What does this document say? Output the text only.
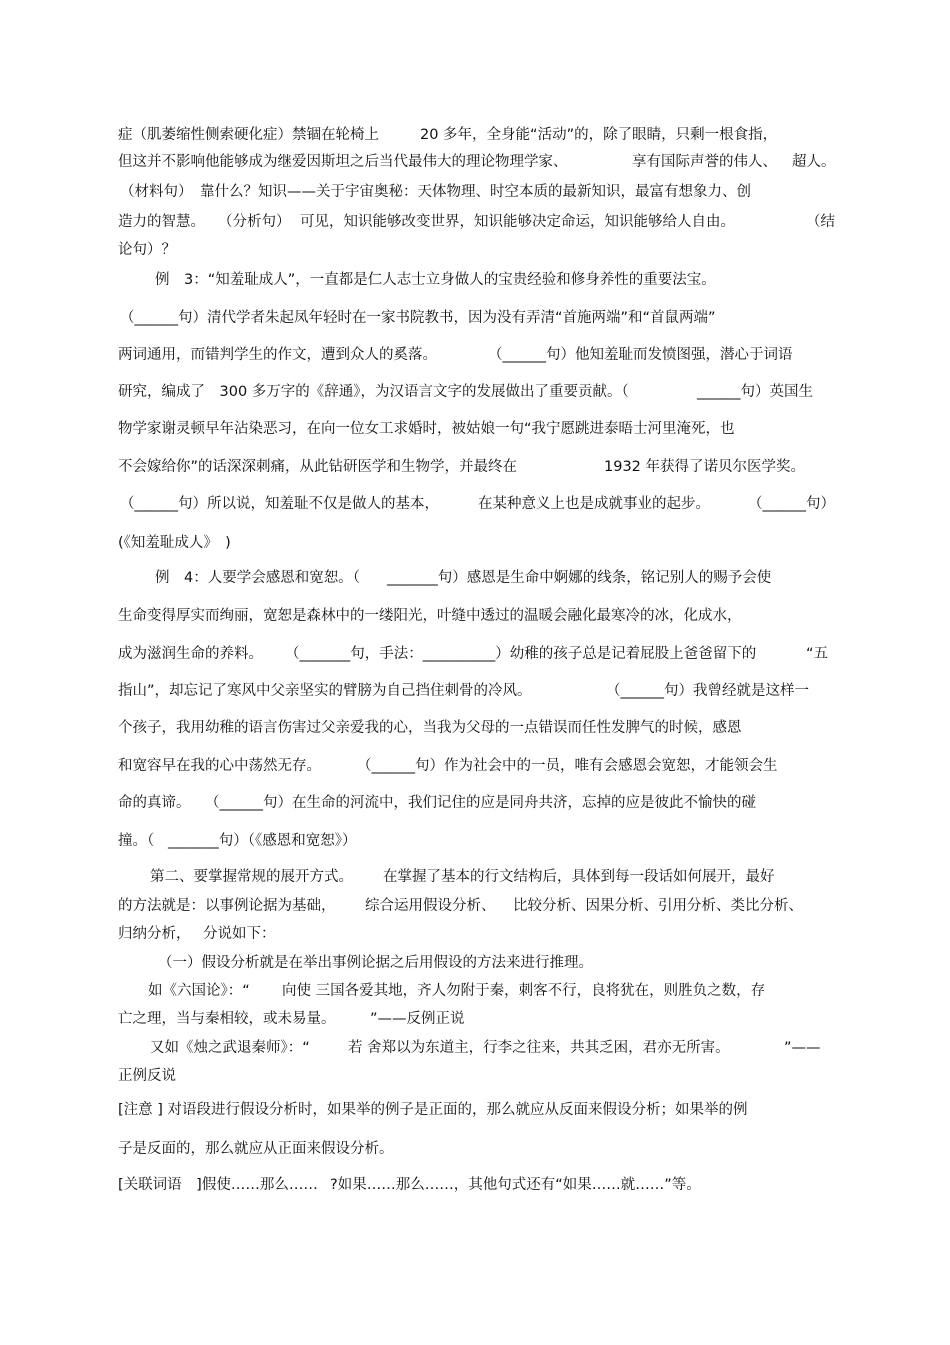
症（肌萎缩性侧索硬化症）禁锢在轮椅上	20 多年，全身能“活动”的，除了眼睛，只剩一根食指，
但这并不影响他能够成为继爱因斯坦之后当代最伟大的理论物理学家、	享有国际声誉的伟人、 超人。
（材料句） 靠什么？知识——关于宇宙奥秘：天体物理、时空本质的最新知识，最富有想象力、创
造力的智慧。 （分析句） 可见，知识能够改变世界，知识能够决定命运，知识能够给人自由。	（结
论句）？
例　3：“知羞耻成人”，一直都是仁人志士立身做人的宝贵经验和修身养性的重要法宝。
（______句）清代学者朱起凤年轻时在一家书院教书，因为没有弄清“首施两端”和“首鼠两端”
两词通用，而错判学生的作文，遭到众人的奚落。	（______句）他知羞耻而发愤图强，潜心于词语
研究，编成了　300 多万字的《辞通》，为汉语言文字的发展做出了重要贡献。（	______句）英国生
物学家谢灵顿早年沾染恶习，在向一位女工求婚时，被姑娘一句“我宁愿跳进泰晤士河里淹死，也
不会嫁给你”的话深深刺痛，从此钻研医学和生物学，并最终在	1932 年获得了诺贝尔医学奖。
（______句）所以说，知羞耻不仅是做人的基本，	在某种意义上也是成就事业的起步。	（______句）
(《知羞耻成人》　)
例　4：人要学会感恩和宽恕。（ _______句）感恩是生命中婀娜的线条，铭记别人的赐予会使
生命变得厚实而绚丽，宽恕是森林中的一缕阳光，叶缝中透过的温暖会融化最寒冷的冰，化成水，
成为滋润生命的养料。 （_______句，手法：__________）幼稚的孩子总是记着屁股上爸爸留下的	“五
指山”，却忘记了寒风中父亲坚实的臂膀为自己挡住刺骨的冷风。	（______句）我曾经就是这样一
个孩子，我用幼稚的语言伤害过父亲爱我的心，当我为父母的一点错误而任性发脾气的时候，感恩
和宽容早在我的心中荡然无存。 （______句）作为社会中的一员，唯有会感恩会宽恕，才能领会生
命的真谛。 （______句）在生命的河流中，我们记住的应是同舟共济，忘掉的应是彼此不愉快的碰
撞。（ _______句）（《感恩和宽恕》）
第二、要掌握常规的展开方式。 在掌握了基本的行文结构后，具体到每一段话如何展开，最好
的方法就是：以事例论据为基础， 综合运用假设分析、 比较分析、因果分析、引用分析、类比分析、
归纳分析， 分说如下：
（一）假设分析就是在举出事例论据之后用假设的方法来进行推理。
如《六国论》：“ 向使 三国各爱其地，齐人勿附于秦，刺客不行，良将犹在，则胜负之数，存
亡之理，当与秦相较，或未易量。 ”——反例正说
又如《烛之武退秦师》：“	若 舍郑以为东道主，行李之往来，共其乏困，君亦无所害。	”——
正例反说
[注意 ] 对语段进行假设分析时，如果举的例子是正面的，那么就应从反面来假设分析；如果举的例
子是反面的，那么就应从正面来假设分析。
[关联词语　]假使……那么…… ?如果……那么……，其他句式还有“如果……就……”等。
